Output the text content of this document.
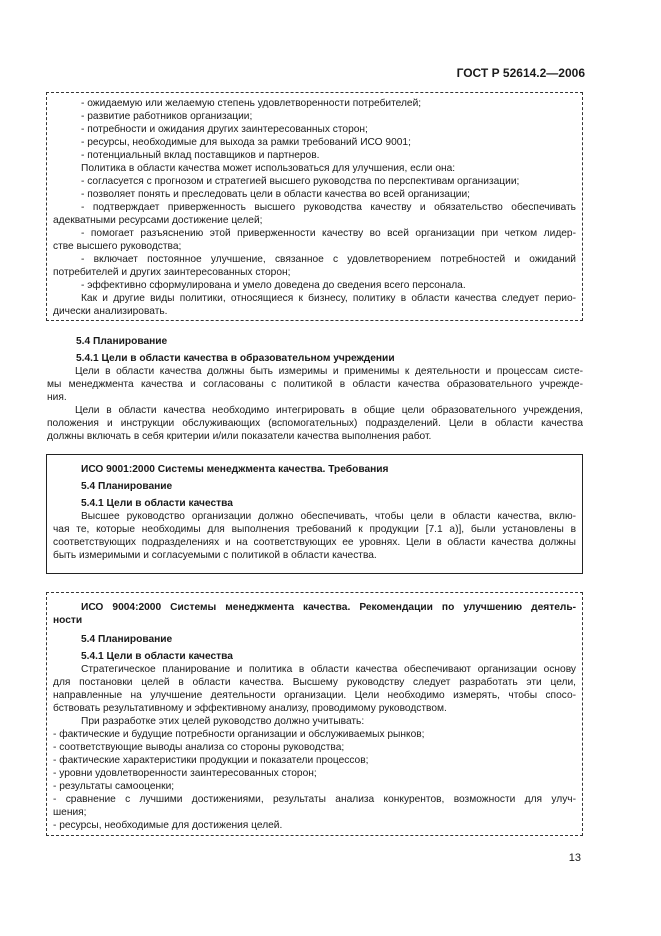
ГОСТ Р 52614.2—2006
- ожидаемую или желаемую степень удовлетворенности потребителей;
- развитие работников организации;
- потребности и ожидания других заинтересованных сторон;
- ресурсы, необходимые для выхода за рамки требований ИСО 9001;
- потенциальный вклад поставщиков и партнеров.
Политика в области качества может использоваться для улучшения, если она:
- согласуется с прогнозом и стратегией высшего руководства по перспективам организации;
- позволяет понять и преследовать цели в области качества во всей организации;
- подтверждает приверженность высшего руководства качеству и обязательство обеспечивать
адекватными ресурсами достижение целей;
- помогает разъяснению этой приверженности качеству во всей организации при четком лидер-
стве высшего руководства;
- включает постоянное улучшение, связанное с удовлетворением потребностей и ожиданий
потребителей и других заинтересованных сторон;
- эффективно сформулирована и умело доведена до сведения всего персонала.
Как и другие виды политики, относящиеся к бизнесу, политику в области качества следует перио-
дически анализировать.
5.4 Планирование
5.4.1 Цели в области качества в образовательном учреждении
Цели в области качества должны быть измеримы и применимы к деятельности и процессам систе-
мы менеджмента качества и согласованы с политикой в области качества образовательного учрежде-
ния.
Цели в области качества необходимо интегрировать в общие цели образовательного учреждения,
положения и инструкции обслуживающих (вспомогательных) подразделений. Цели в области качества
должны включать в себя критерии и/или показатели качества выполнения работ.
ИСО 9001:2000 Системы менеджмента качества. Требования
5.4 Планирование
5.4.1 Цели в области качества
Высшее руководство организации должно обеспечивать, чтобы цели в области качества, вклю-
чая те, которые необходимы для выполнения требований к продукции [7.1 а)], были установлены в
соответствующих подразделениях и на соответствующих ее уровнях. Цели в области качества должны
быть измеримыми и согласуемыми с политикой в области качества.
ИСО 9004:2000 Системы менеджмента качества. Рекомендации по улучшению деятель-
ности
5.4 Планирование
5.4.1 Цели в области качества
Стратегическое планирование и политика в области качества обеспечивают организации основу
для постановки целей в области качества. Высшему руководству следует разработать эти цели,
направленные на улучшение деятельности организации. Цели необходимо измерять, чтобы спосо-
бствовать результативному и эффективному анализу, проводимому руководством.
При разработке этих целей руководство должно учитывать:
- фактические и будущие потребности организации и обслуживаемых рынков;
- соответствующие выводы анализа со стороны руководства;
- фактические характеристики продукции и показатели процессов;
- уровни удовлетворенности заинтересованных сторон;
- результаты самооценки;
- сравнение с лучшими достижениями, результаты анализа конкурентов, возможности для улуч-
шения;
- ресурсы, необходимые для достижения целей.
13
